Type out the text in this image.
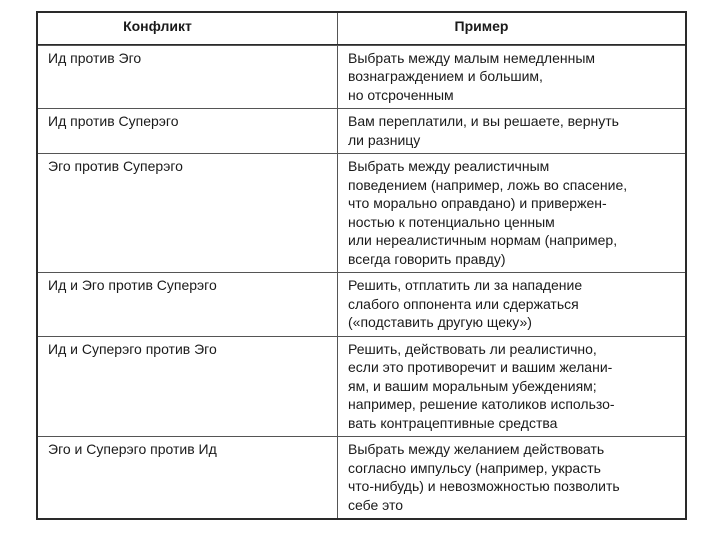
Конфликт	Пример
Ид против Эго	Выбрать между малым немедленным
вознаграждением и большим,
но отсроченным
Ид против Суперэго	Вам переплатили, и вы решаете, вернуть
ли разницу
Эго против Суперэго	Выбрать между реалистичным
поведением (например, ложь во спасение,
что морально оправдано) и привержен-
ностью к потенциально ценным
или нереалистичным нормам (например,
всегда говорить правду)
Ид и Эго против Суперэго	Решить, отплатить ли за нападение
слабого оппонента или сдержаться
(«подставить другую щеку»)
Ид и Суперэго против Эго	Решить, действовать ли реалистично,
если это противоречит и вашим желани-
ям, и вашим моральным убеждениям;
например, решение католиков использо-
вать контрацептивные средства
Эго и Суперэго против Ид	Выбрать между желанием действовать
согласно импульсу (например, украсть
что-нибудь) и невозможностью позволить
себе это
